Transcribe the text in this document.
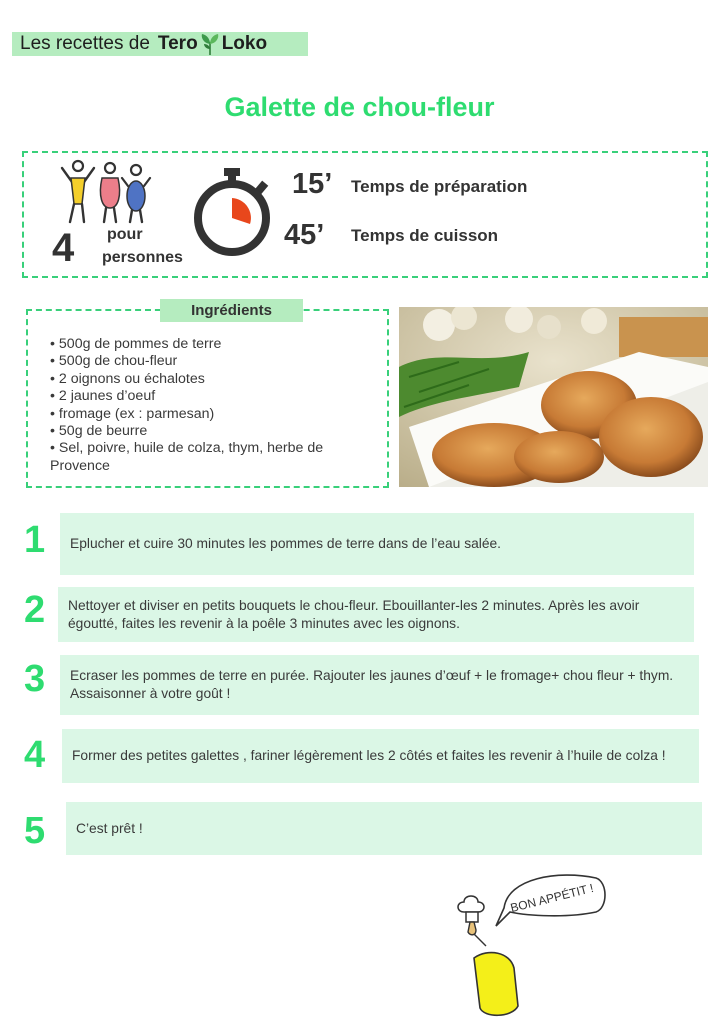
Les recettes de Tero Loko
Galette de chou-fleur
4 pour
personnes
15’ Temps de préparation
45’ Temps de cuisson
Ingrédients
• 500g de pommes de terre
• 500g de chou-fleur
• 2 oignons ou échalotes
• 2 jaunes d’oeuf
• fromage (ex : parmesan)
• 50g de beurre
• Sel, poivre, huile de colza, thym, herbe de Provence
1 Eplucher et cuire 30 minutes les pommes de terre dans de l’eau salée.
2 Nettoyer et diviser en petits bouquets le chou-fleur. Ebouillanter-les 2 minutes. Après les avoir égoutté, faites les revenir à la poêle 3 minutes avec les oignons.
3 Ecraser les pommes de terre en purée. Rajouter les jaunes d’œuf + le fromage+ chou fleur + thym. Assaisonner à votre goût !
4 Former des petites galettes , fariner légèrement les 2 côtés et faites les revenir à l’huile de colza !
5 C’est prêt !
BON APPÉTIT !
